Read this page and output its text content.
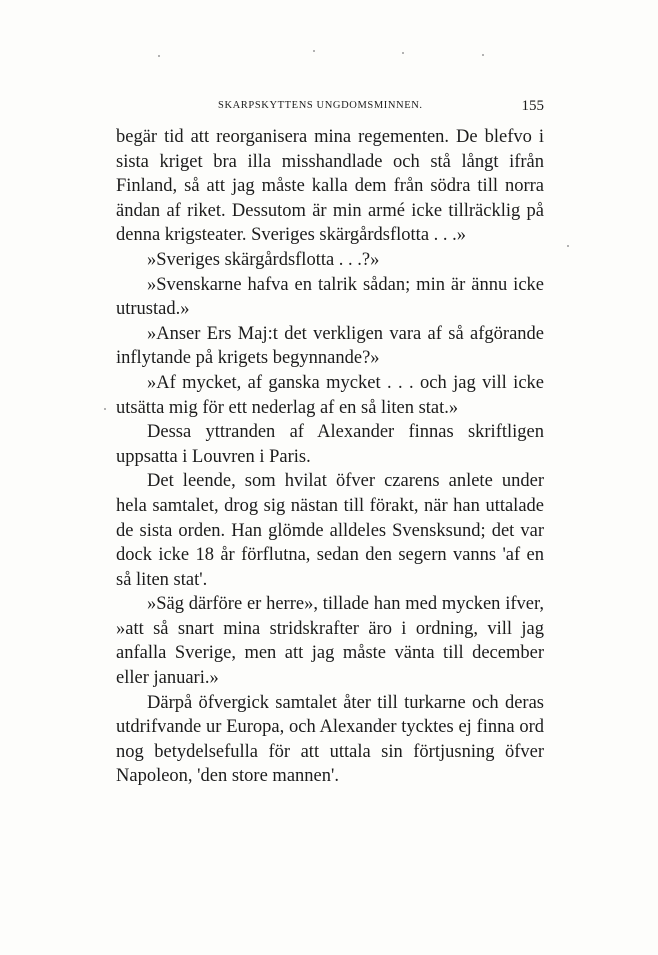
SKARPSKYTTENS UNGDOMSMINNEN.	155

begär tid att reorganisera mina regementen. De blefvo i sista kriget bra illa misshandlade och stå långt ifrån Finland, så att jag måste kalla dem från södra till norra ändan af riket. Dessutom är min armé icke tillräcklig på denna krigsteater. Sveriges skärgårdsflotta . . .»

»Sveriges skärgårdsflotta . . .?»

»Svenskarne hafva en talrik sådan; min är ännu icke utrustad.»

»Anser Ers Maj:t det verkligen vara af så afgörande inflytande på krigets begynnande?»

»Af mycket, af ganska mycket . . . och jag vill icke utsätta mig för ett nederlag af en så liten stat.»

Dessa yttranden af Alexander finnas skriftligen uppsatta i Louvren i Paris.

Det leende, som hvilat öfver czarens anlete under hela samtalet, drog sig nästan till förakt, när han uttalade de sista orden. Han glömde alldeles Svensksund; det var dock icke 18 år förflutna, sedan den segern vanns 'af en så liten stat'.

»Säg därföre er herre», tillade han med mycken ifver, »att så snart mina stridskrafter äro i ordning, vill jag anfalla Sverige, men att jag måste vänta till december eller januari.»

Därpå öfvergick samtalet åter till turkarne och deras utdrifvande ur Europa, och Alexander tycktes ej finna ord nog betydelsefulla för att uttala sin förtjusning öfver Napoleon, 'den store mannen'.
